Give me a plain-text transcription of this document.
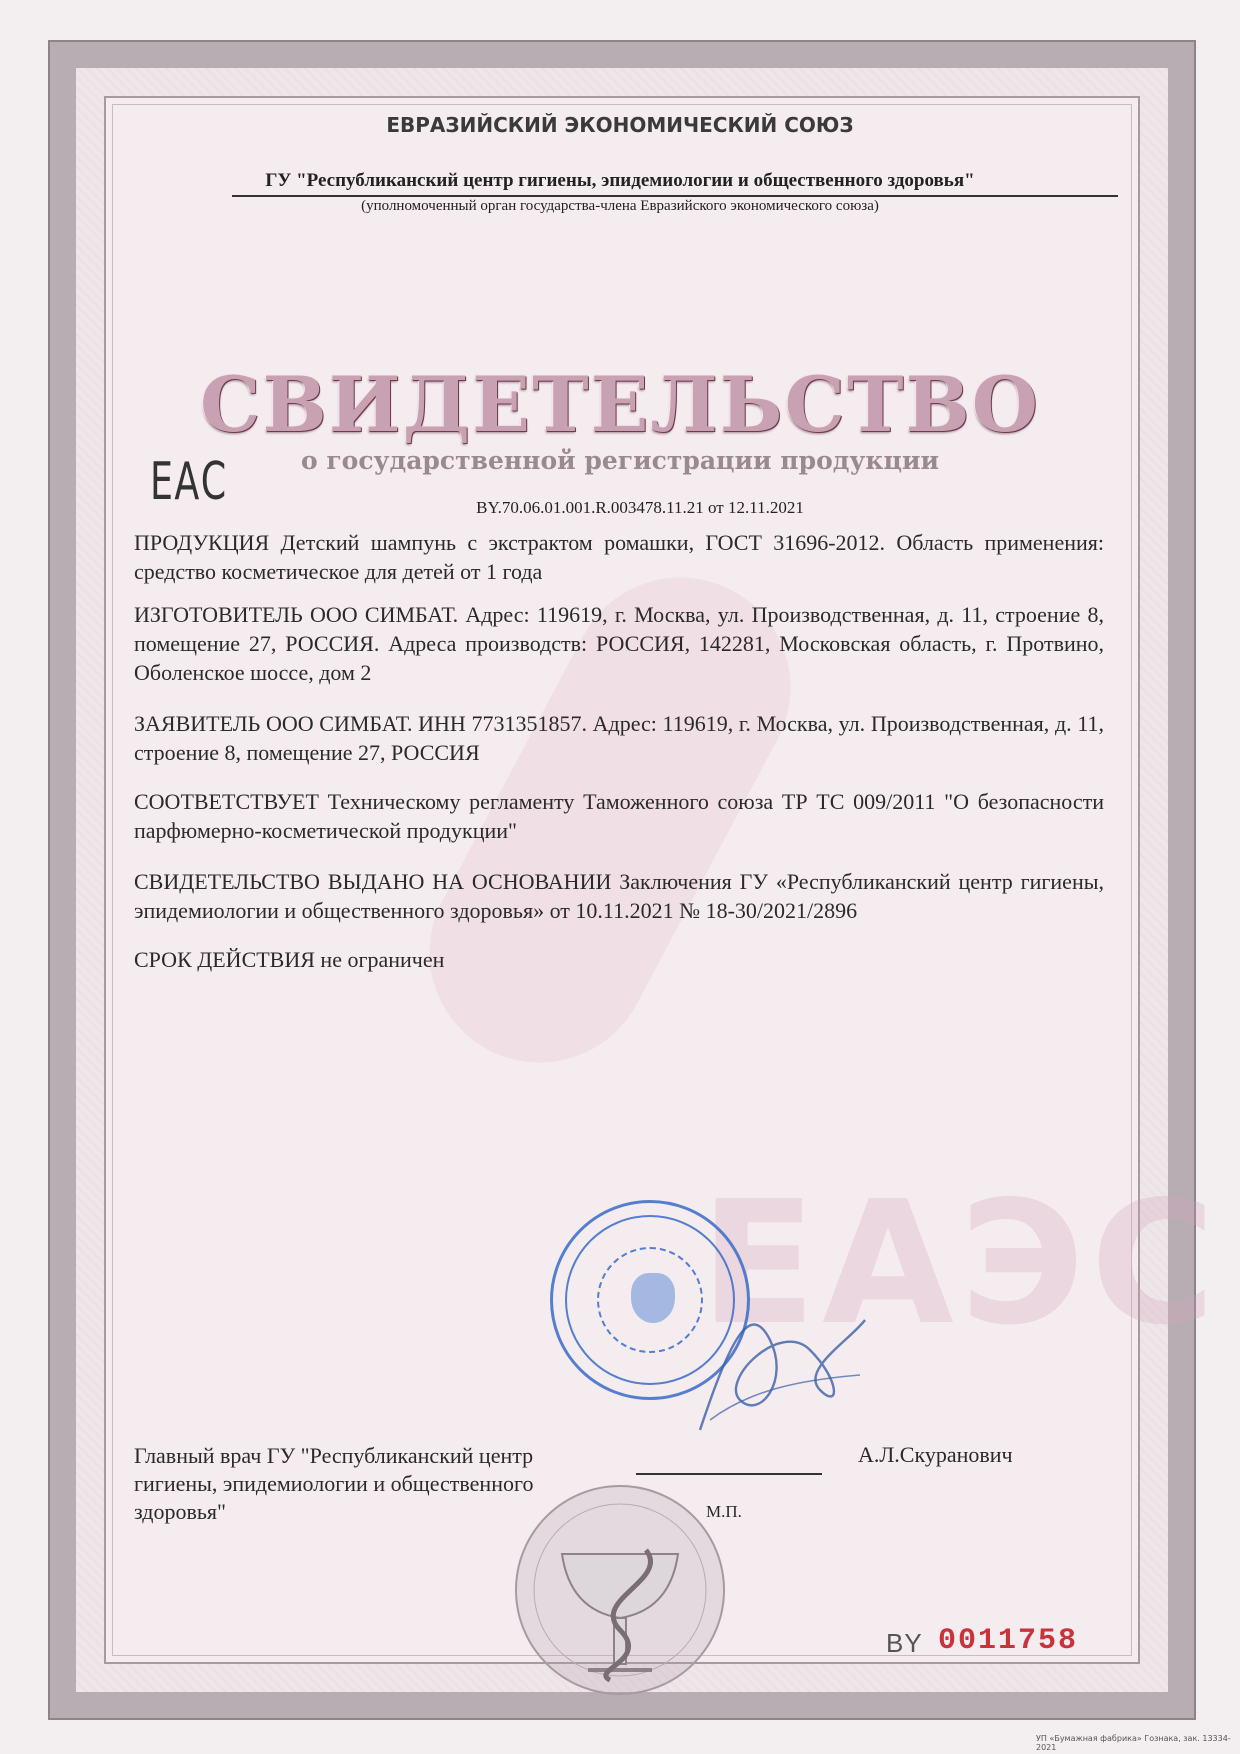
ЕАЭС
ЕВРАЗИЙСКИЙ ЭКОНОМИЧЕСКИЙ СОЮЗ
ГУ "Республиканский центр гигиены, эпидемиологии и общественного здоровья"
(уполномоченный орган государства-члена Евразийского экономического союза)
СВИДЕТЕЛЬСТВО
о государственной регистрации продукции
ЕАС	BY.70.06.01.001.R.003478.11.21 от 12.11.2021
ПРОДУКЦИЯ Детский шампунь с экстрактом ромашки, ГОСТ 31696-2012. Область применения: средство косметическое для детей от 1 года
ИЗГОТОВИТЕЛЬ ООО СИМБАТ. Адрес: 119619, г. Москва, ул. Производственная, д. 11, строение 8, помещение 27, РОССИЯ. Адреса производств: РОССИЯ, 142281, Московская область, г. Протвино, Оболенское шоссе, дом 2
ЗАЯВИТЕЛЬ ООО СИМБАТ. ИНН 7731351857. Адрес: 119619, г. Москва, ул. Производственная, д. 11, строение 8, помещение 27, РОССИЯ
СООТВЕТСТВУЕТ Техническому регламенту Таможенного союза ТР ТС 009/2011 "О безопасности парфюмерно-косметической продукции"
СВИДЕТЕЛЬСТВО ВЫДАНО НА ОСНОВАНИИ Заключения ГУ «Республиканский центр гигиены, эпидемиологии и общественного здоровья» от 10.11.2021 № 18-30/2021/2896
СРОК ДЕЙСТВИЯ не ограничен
Главный врач ГУ "Республиканский центр гигиены, эпидемиологии и общественного здоровья"
А.Л.Скуранович
М.П.
BY 0011758
УП «Бумажная фабрика» Гознака, зак. 13334-2021
